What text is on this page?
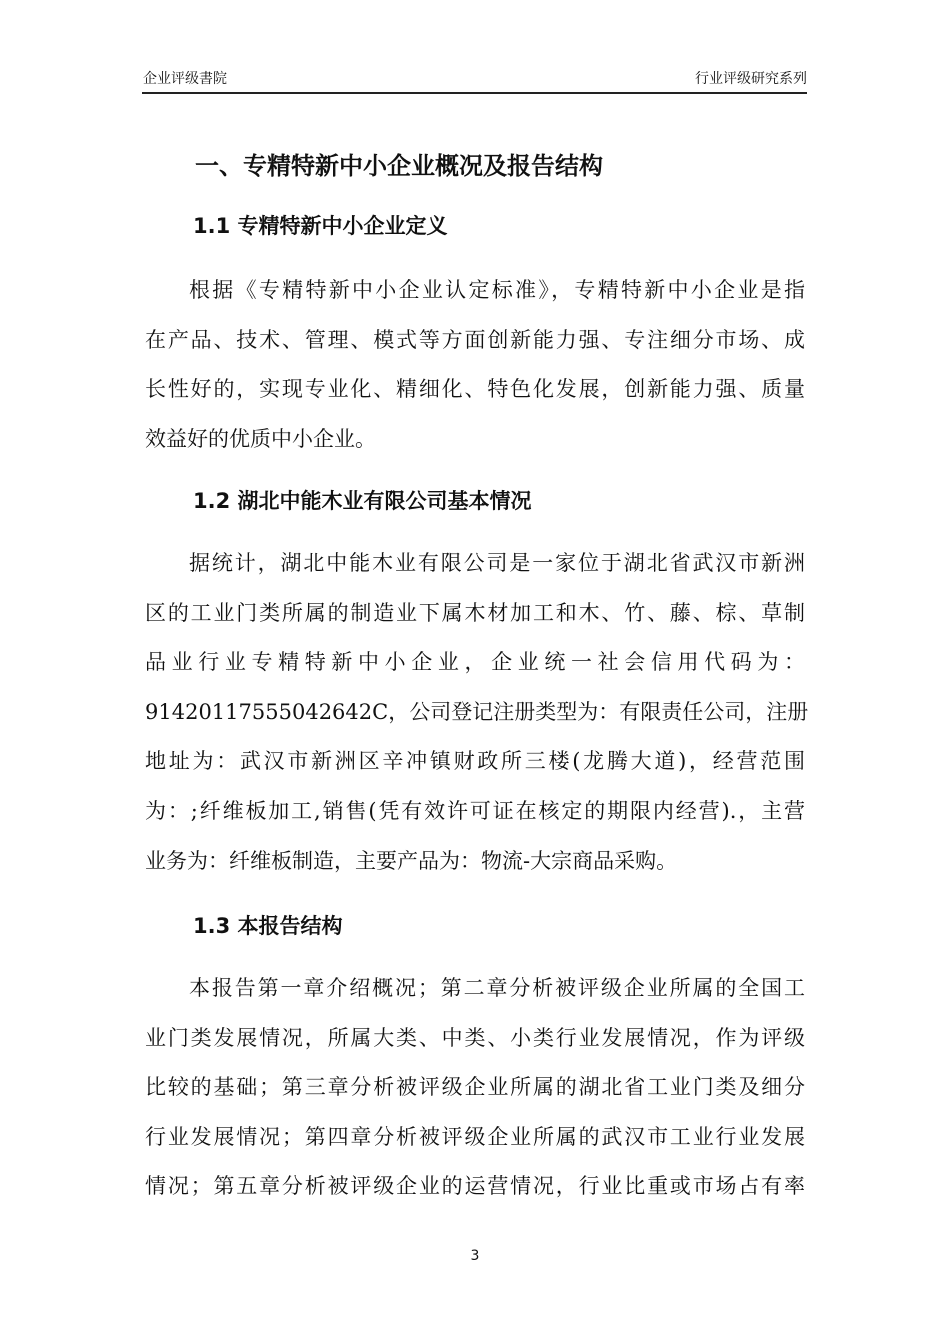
企业评级書院	行业评级研究系列
一、专精特新中小企业概况及报告结构
1.1 专精特新中小企业定义
根据《专精特新中小企业认定标准》，专精特新中小企业是指
在产品、技术、管理、模式等方面创新能力强、专注细分市场、成
长性好的，实现专业化、精细化、特色化发展，创新能力强、质量
效益好的优质中小企业。
1.2 湖北中能木业有限公司基本情况
据统计，湖北中能木业有限公司是一家位于湖北省武汉市新洲
区的工业门类所属的制造业下属木材加工和木、竹、藤、棕、草制
品业行业专精特新中小企业，企业统一社会信用代码为：
91420117555042642C，公司登记注册类型为：有限责任公司，注册
地址为：武汉市新洲区辛冲镇财政所三楼(龙腾大道)，经营范围
为：;纤维板加工,销售(凭有效许可证在核定的期限内经营).，主营
业务为：纤维板制造，主要产品为：物流-大宗商品采购。
1.3 本报告结构
本报告第一章介绍概况；第二章分析被评级企业所属的全国工
业门类发展情况，所属大类、中类、小类行业发展情况，作为评级
比较的基础；第三章分析被评级企业所属的湖北省工业门类及细分
行业发展情况；第四章分析被评级企业所属的武汉市工业行业发展
情况；第五章分析被评级企业的运营情况，行业比重或市场占有率
3
